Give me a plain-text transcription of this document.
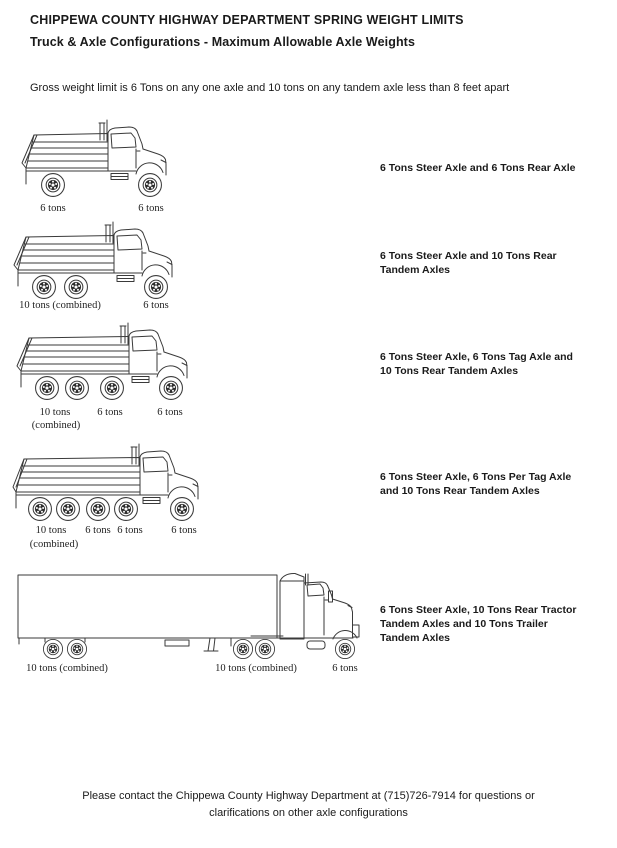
CHIPPEWA COUNTY HIGHWAY DEPARTMENT SPRING WEIGHT LIMITS
Truck & Axle Configurations - Maximum Allowable Axle Weights
Gross weight limit is 6 Tons on any one axle and 10 tons on any tandem axle less than 8 feet apart
6 tons	6 tons
6 Tons Steer Axle and 6 Tons Rear Axle
10 tons (combined)	6 tons
6 Tons Steer Axle and 10 Tons Rear
Tandem Axles
10 tons
(combined)
6 tons	6 tons
6 Tons Steer Axle, 6 Tons Tag Axle and
10 Tons Rear Tandem Axles
10 tons
(combined)
6 tons 6 tons	6 tons
6 Tons Steer Axle, 6 Tons Per Tag Axle
and 10 Tons Rear Tandem Axles
10 tons (combined)	10 tons (combined)	6 tons
6 Tons Steer Axle, 10 Tons Rear Tractor
Tandem Axles and 10 Tons Trailer
Tandem Axles
Please contact the Chippewa County Highway Department at (715)726-7914 for questions or
clarifications on other axle configurations
